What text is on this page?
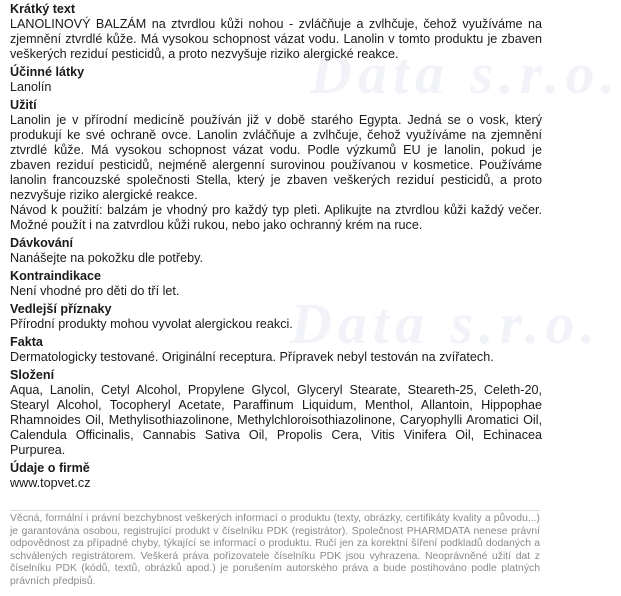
Data s.r.o.
Data s.r.o.
Krátký text
LANOLINOVÝ BALZÁM na ztvrdlou kůži nohou - zvláčňuje a zvlhčuje, čehož využíváme na zjemnění ztvrdlé kůže. Má vysokou schopnost vázat vodu. Lanolin v tomto produktu je zbaven veškerých reziduí pesticidů, a proto nezvyšuje riziko alergické reakce.
Účinné látky
Lanolín
Užití
Lanolin je v přírodní medicíně používán již v době starého Egypta. Jedná se o vosk, který produkují ke své ochraně ovce. Lanolin zvláčňuje a zvlhčuje, čehož využíváme na zjemnění ztvrdlé kůže. Má vysokou schopnost vázat vodu. Podle výzkumů EU je lanolin, pokud je zbaven reziduí pesticidů, nejméně alergenní surovinou používanou v kosmetice. Používáme lanolin francouzské společnosti Stella, který je zbaven veškerých reziduí pesticidů, a proto nezvyšuje riziko alergické reakce.
Návod k použití: balzám je vhodný pro každý typ pleti. Aplikujte na ztvrdlou kůži každý večer. Možné použít i na zatvrdlou kůži rukou, nebo jako ochranný krém na ruce.
Dávkování
Nanášejte na pokožku dle potřeby.
Kontraindikace
Není vhodné pro děti do tří let.
Vedlejší příznaky
Přírodní produkty mohou vyvolat alergickou reakci.
Fakta
Dermatologicky testované. Originální receptura. Přípravek nebyl testován na zvířatech.
Složení
Aqua, Lanolin, Cetyl Alcohol, Propylene Glycol, Glyceryl Stearate, Steareth-25, Celeth-20, Stearyl Alcohol, Tocopheryl Acetate, Paraffinum Liquidum, Menthol, Allantoin, Hippophae Rhamnoides Oil, Methylisothiazolinone, Methylchloroisothiazolinone, Caryophylli Aromatici Oil, Calendula Officinalis, Cannabis Sativa Oil, Propolis Cera, Vitis Vinifera Oil, Echinacea Purpurea.
Údaje o firmě
www.topvet.cz
Věcná, formální i právní bezchybnost veškerých informací o produktu (texty, obrázky, certifikáty kvality a původu...) je garantována osobou, registrující produkt v číselníku PDK (registrátor). Společnost PHARMDATA nenese právní odpovědnost za případné chyby, týkající se informací o produktu. Ručí jen za korektní šíření podkladů dodaných a schválených registrátorem. Veškerá práva pořizovatele číselníku PDK jsou vyhrazena. Neoprávněné užití dat z číselníku PDK (kódů, textů, obrázků apod.) je porušením autorského práva a bude postihováno podle platných právních předpisů.
